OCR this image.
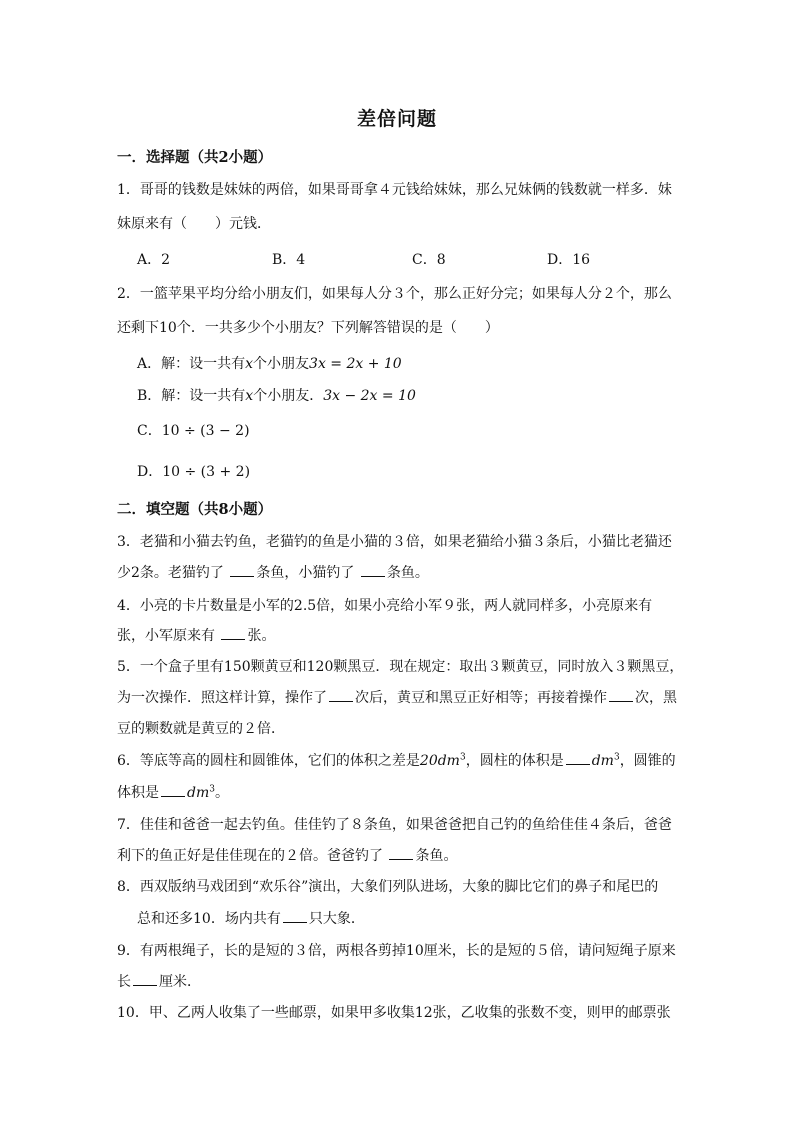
差倍问题
一．选择题（共2小题）
1．哥哥的钱数是妹妹的两倍，如果哥哥拿４元钱给妹妹，那么兄妹俩的钱数就一样多．妹
妹原来有（　　）元钱．
A．2	B．4	C．8	D．16
2．一篮苹果平均分给小朋友们，如果每人分３个，那么正好分完；如果每人分２个，那么
还剩下10个．一共多少个小朋友？下列解答错误的是（　　）
A．解：设一共有x个小朋友3x = 2x + 10
B．解：设一共有x个小朋友．3x − 2x = 10
C．10 ÷ (3 − 2)
D．10 ÷ (3 + 2)
二．填空题（共8小题）
3．老猫和小猫去钓鱼，老猫钓的鱼是小猫的３倍，如果老猫给小猫３条后，小猫比老猫还
少2条。老猫钓了 条鱼，小猫钓了 条鱼。
4．小亮的卡片数量是小军的2.5倍，如果小亮给小军９张，两人就同样多，小亮原来有
张，小军原来有 张。
5．一个盒子里有150颗黄豆和120颗黑豆．现在规定：取出３颗黄豆，同时放入３颗黑豆，
为一次操作．照这样计算，操作了 次后，黄豆和黑豆正好相等；再接着操作 次，黑
豆的颗数就是黄豆的２倍．
6．等底等高的圆柱和圆锥体，它们的体积之差是$20dm^3$，圆柱的体积是 $dm^3$，圆锥的
体积是 $dm^3$。
7．佳佳和爸爸一起去钓鱼。佳佳钓了８条鱼，如果爸爸把自己钓的鱼给佳佳４条后，爸爸
利下的鱼正好是佳佳现在的２倍。爸爸钓了 条鱼。
8．西双版纳马戏团到“欢乐谷”演出，大象们列队进场，大象的脚比它们的鼻子和尾巴的
总和还多10．场内共有 只大象．
9．有两根绳子，长的是短的３倍，两根各剪掉10厘米，长的是短的５倍，请问短绳子原来
长 厘米．
10．甲、乙两人收集了一些邮票，如果甲多收集12张，乙收集的张数不变，则甲的邮票张
